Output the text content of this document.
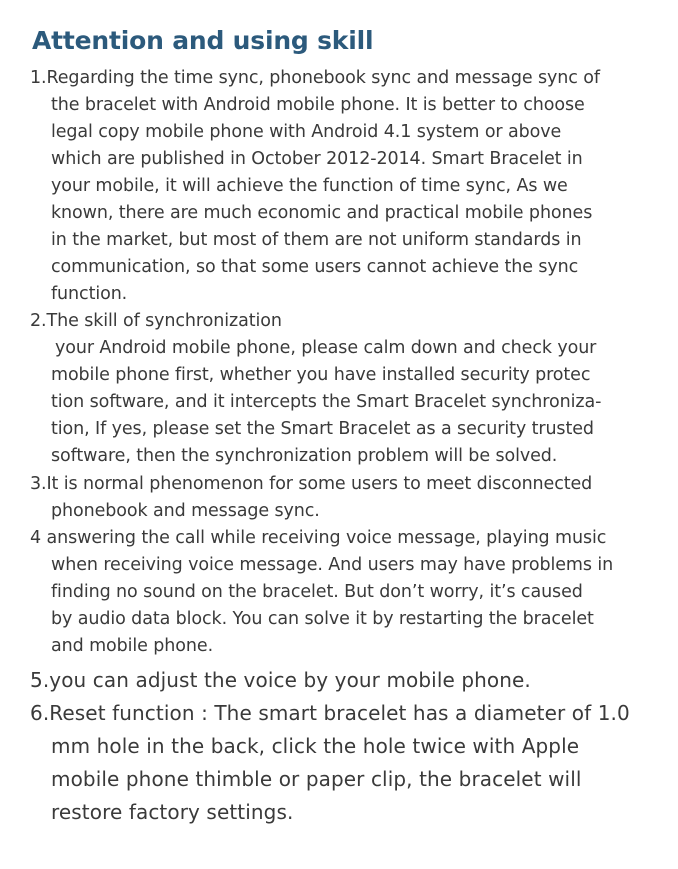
Attention and using skill

1.Regarding the time sync, phonebook sync and message sync of

the bracelet with Android mobile phone. It is better to choose

legal copy mobile phone with Android 4.1 system or above

which are published in October 2012-2014. Smart Bracelet in

your mobile, it will achieve the function of time sync, As we

known, there are much economic and practical mobile phones

in the market, but most of them are not uniform standards in

communication, so that some users cannot achieve the sync

function.

2.The skill of synchronization

your Android mobile phone, please calm down and check your

mobile phone first, whether you have installed security protec

tion software, and it intercepts the Smart Bracelet synchroniza-

tion, If yes, please set the Smart Bracelet as a security trusted

software, then the synchronization problem will be solved.

3.It is normal phenomenon for some users to meet disconnected

phonebook and message sync.

4 answering the call while receiving voice message, playing music

when receiving voice message. And users may have problems in

finding no sound on the bracelet. But don’t worry, it’s caused

by audio data block. You can solve it by restarting the bracelet

and mobile phone.

5.you can adjust the voice by your mobile phone.

6.Reset function : The smart bracelet has a diameter of 1.0

mm hole in the back, click the hole twice with Apple

mobile phone thimble or paper clip, the bracelet will

restore factory settings.
